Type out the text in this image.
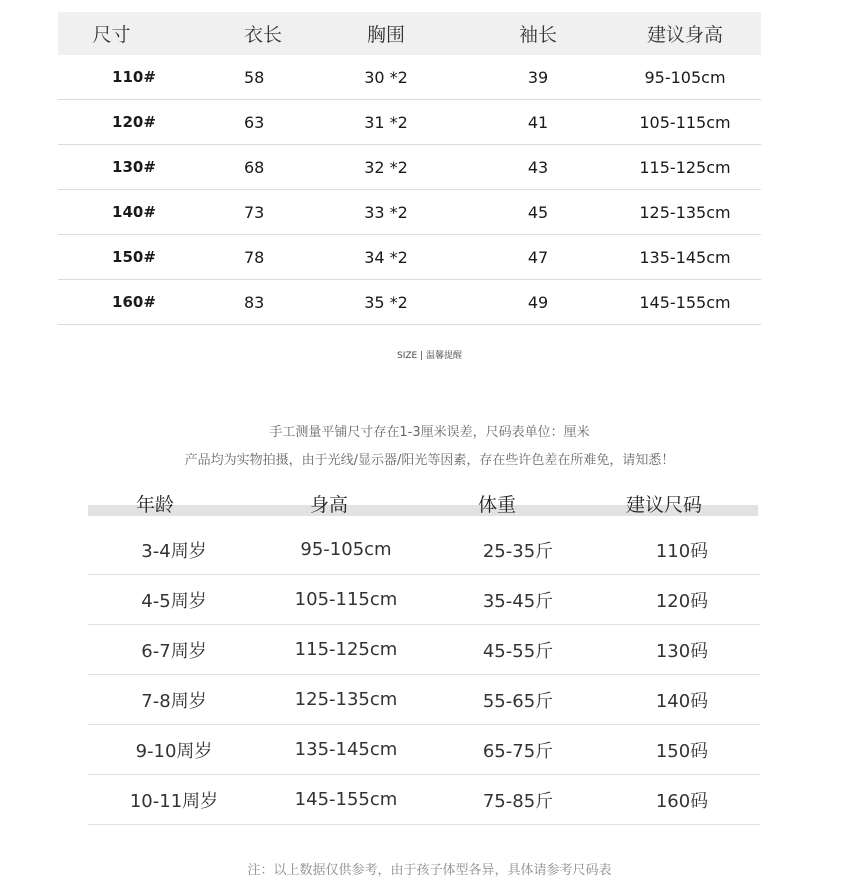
尺寸	衣长	胸围	袖长	建议身高
110#	58	30 *2	39	95-105cm
120#	63	31 *2	41	105-115cm
130#	68	32 *2	43	115-125cm
140#	73	33 *2	45	125-135cm
150#	78	34 *2	47	135-145cm
160#	83	35 *2	49	145-155cm
SIZE | 温馨提醒
手工测量平铺尺寸存在1-3厘米误差，尺码表单位：厘米
产品均为实物拍摄，由于光线/显示器/阳光等因素，存在些许色差在所难免，请知悉！
年龄	身高	体重	建议尺码
3-4周岁	95-105cm	25-35斤	110码
4-5周岁	105-115cm	35-45斤	120码
6-7周岁	115-125cm	45-55斤	130码
7-8周岁	125-135cm	55-65斤	140码
9-10周岁	135-145cm	65-75斤	150码
10-11周岁	145-155cm	75-85斤	160码
注：以上数据仅供参考，由于孩子体型各异，具体请参考尺码表
